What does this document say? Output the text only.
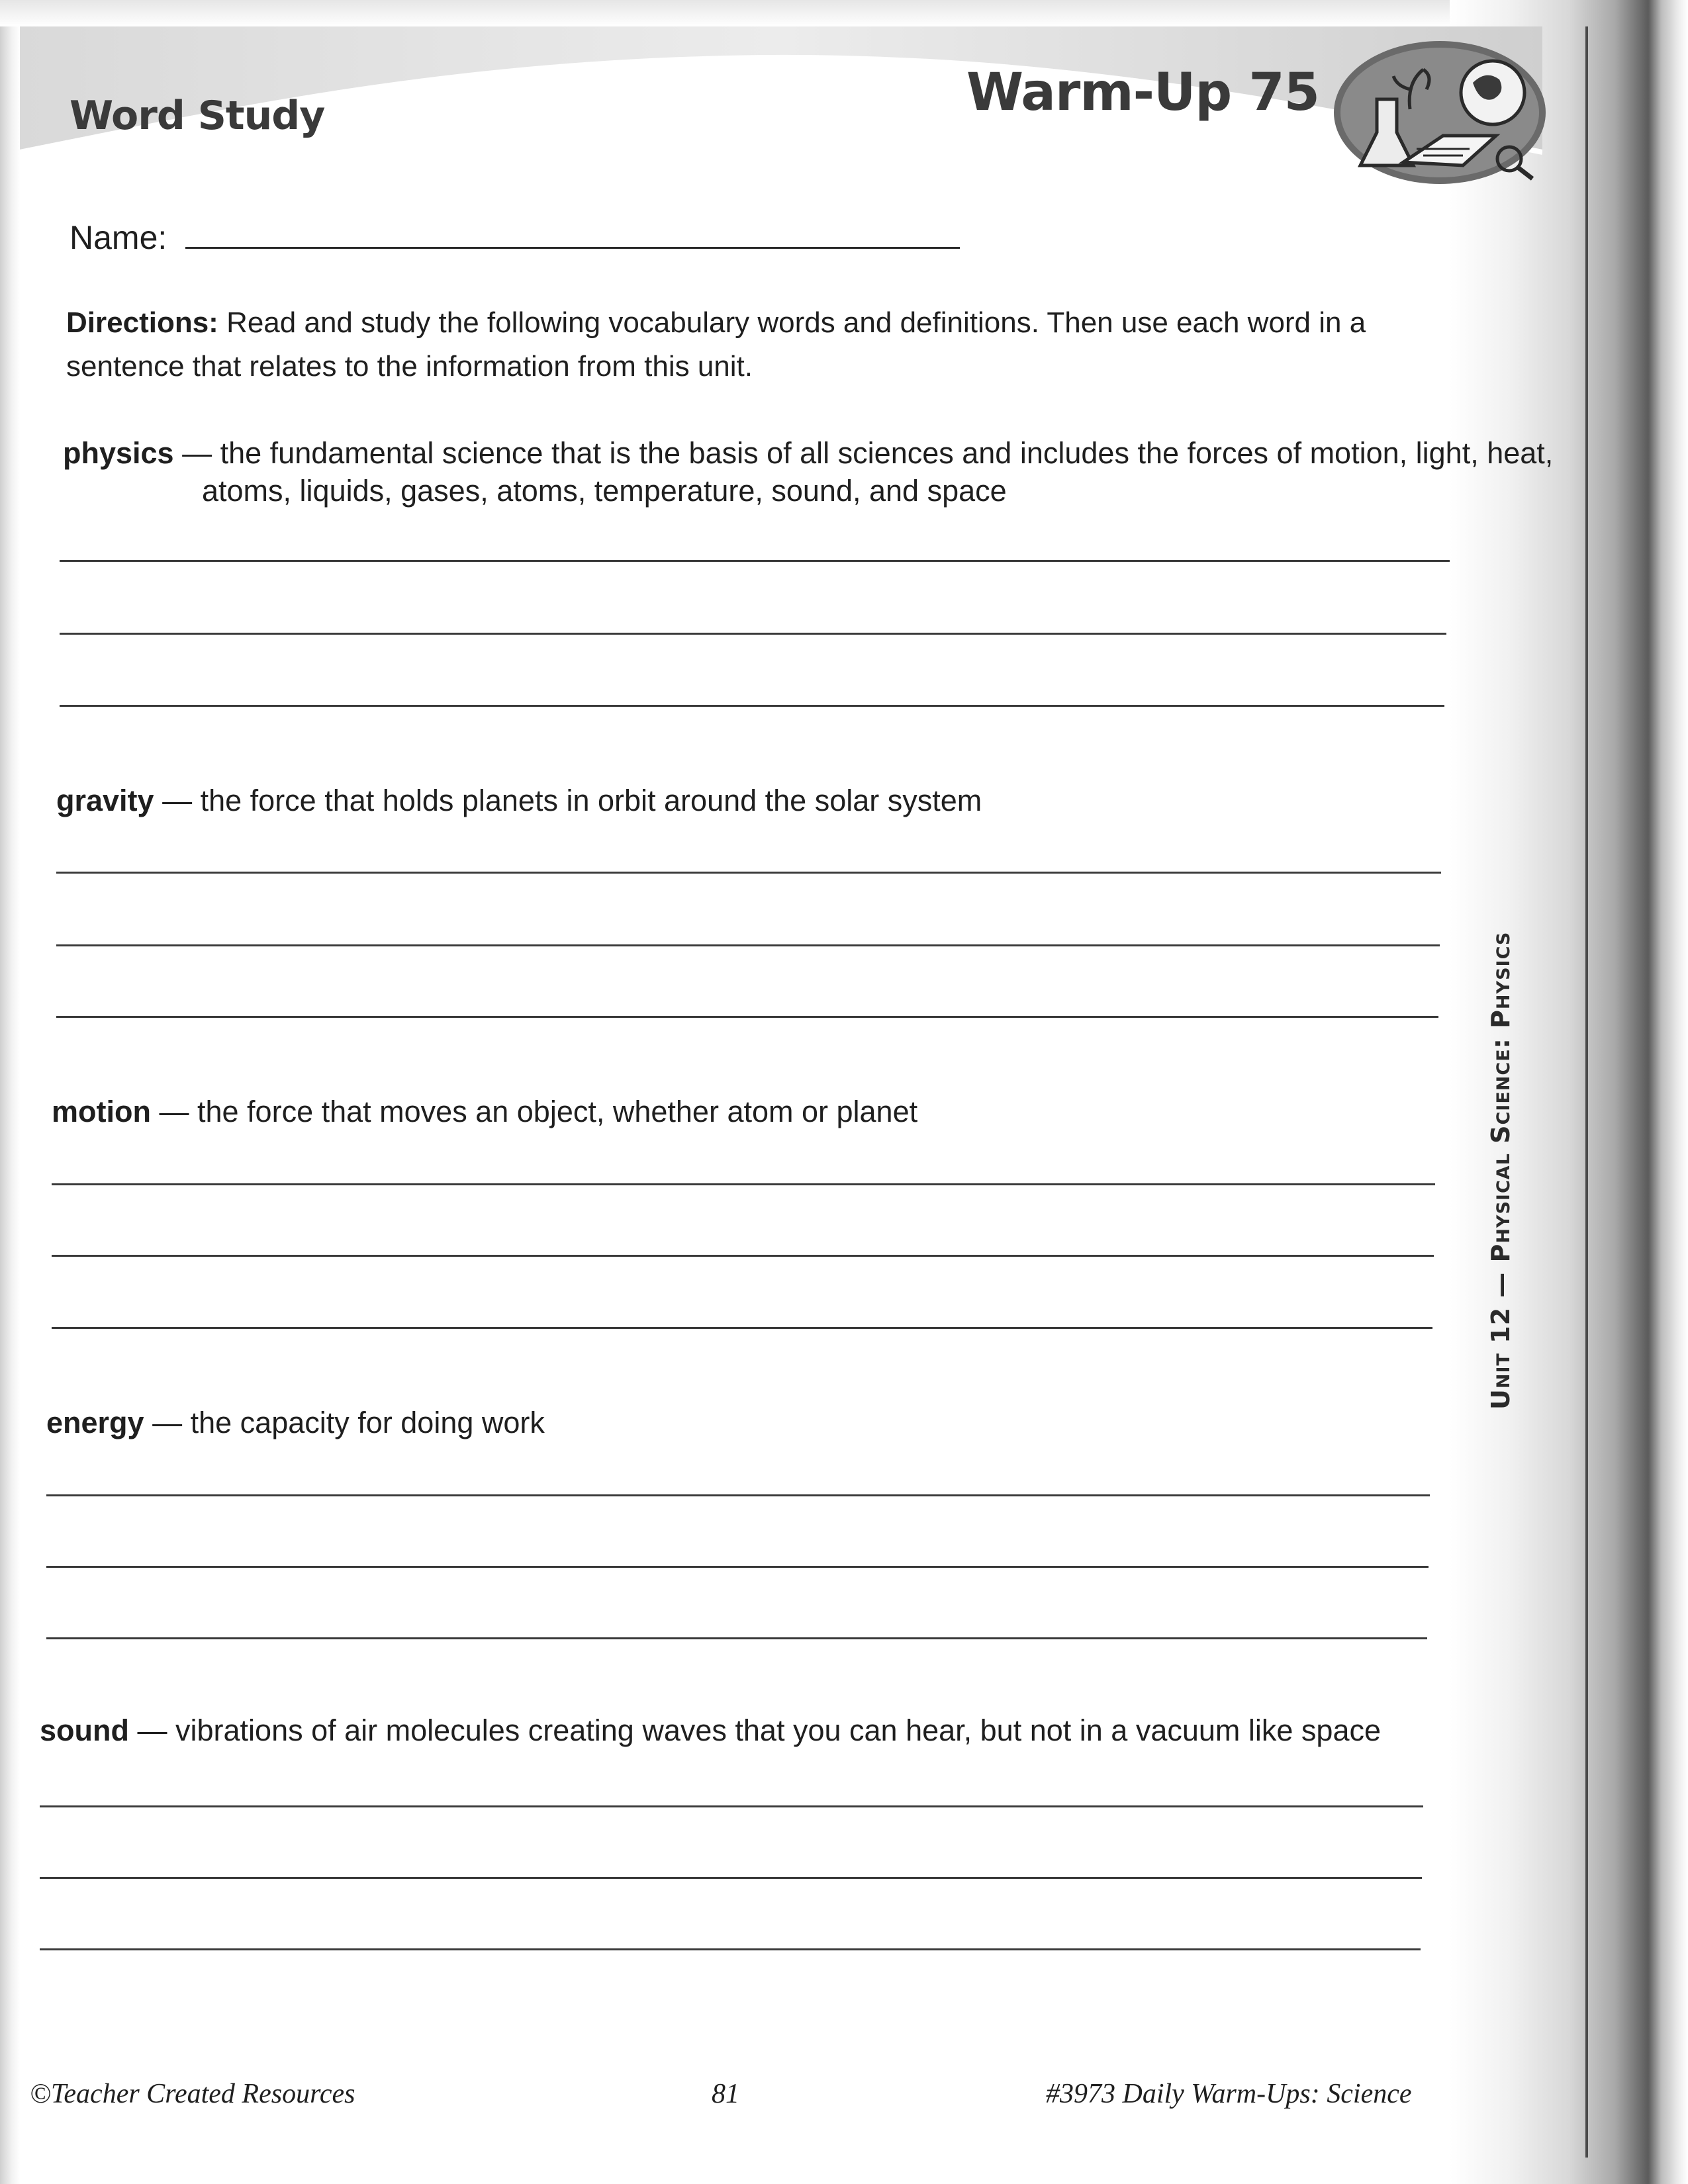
Word Study	Warm-Up 75
Name:
Directions: Read and study the following vocabulary words and definitions. Then use each word in a sentence that relates to the information from this unit.
physics — the fundamental science that is the basis of all sciences and includes the forces of motion, light, heat,
atoms, liquids, gases, atoms, temperature, sound, and space
gravity — the force that holds planets in orbit around the solar system
motion — the force that moves an object, whether atom or planet
energy — the capacity for doing work
sound — vibrations of air molecules creating waves that you can hear, but not in a vacuum like space
Unit 12 — Physical Science: Physics
©Teacher Created Resources	81	#3973 Daily Warm-Ups: Science
